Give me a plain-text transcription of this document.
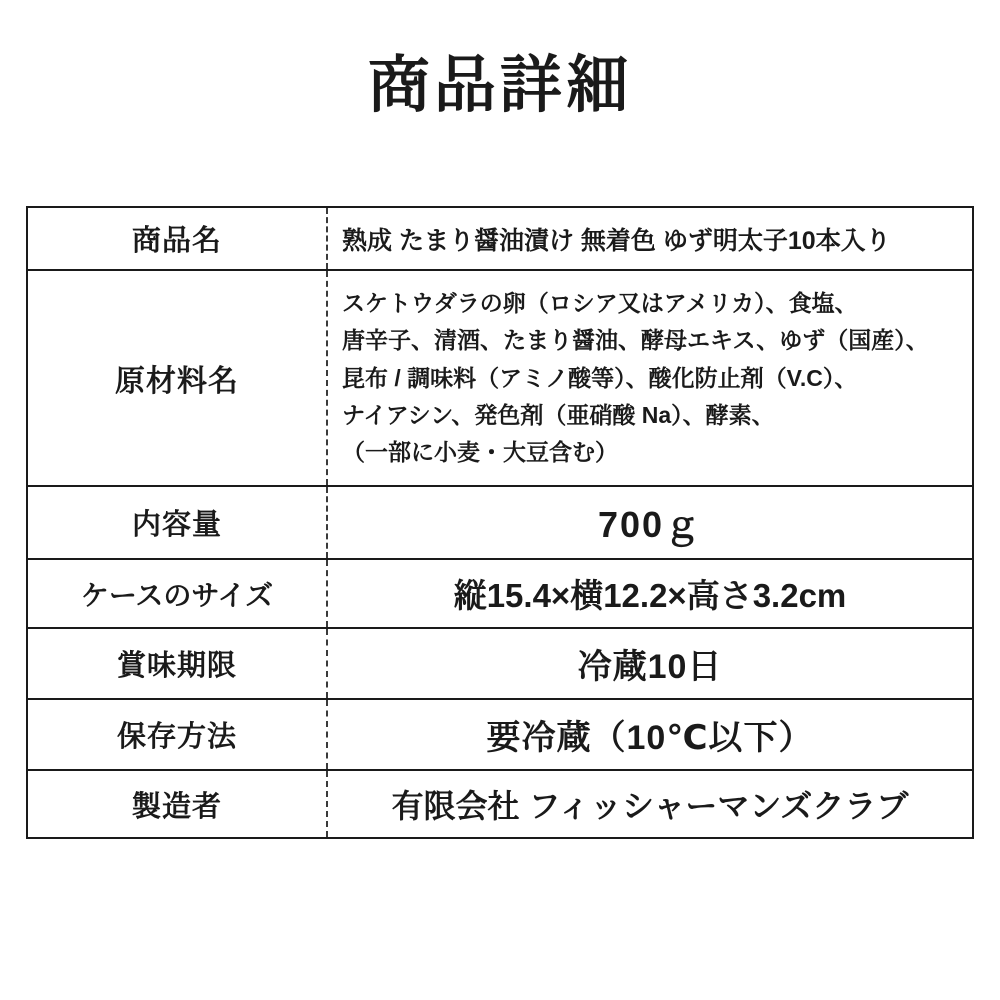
商品詳細
商品名	熟成 たまり醤油漬け 無着色 ゆず明太子10本入り
原材料名	スケトウダラの卵（ロシア又はアメリカ）、食塩、
唐辛子、清酒、たまり醤油、酵母エキス、ゆず（国産）、
昆布 / 調味料（アミノ酸等）、酸化防止剤（V.C）、
ナイアシン、発色剤（亜硝酸 Na）、酵素、
（一部に小麦・大豆含む）

内容量	700ｇ
ケースのサイズ	縦15.4×横12.2×高さ3.2cm
賞味期限	冷蔵10日
保存方法	要冷蔵（10℃以下）
製造者	有限会社 フィッシャーマンズクラブ
